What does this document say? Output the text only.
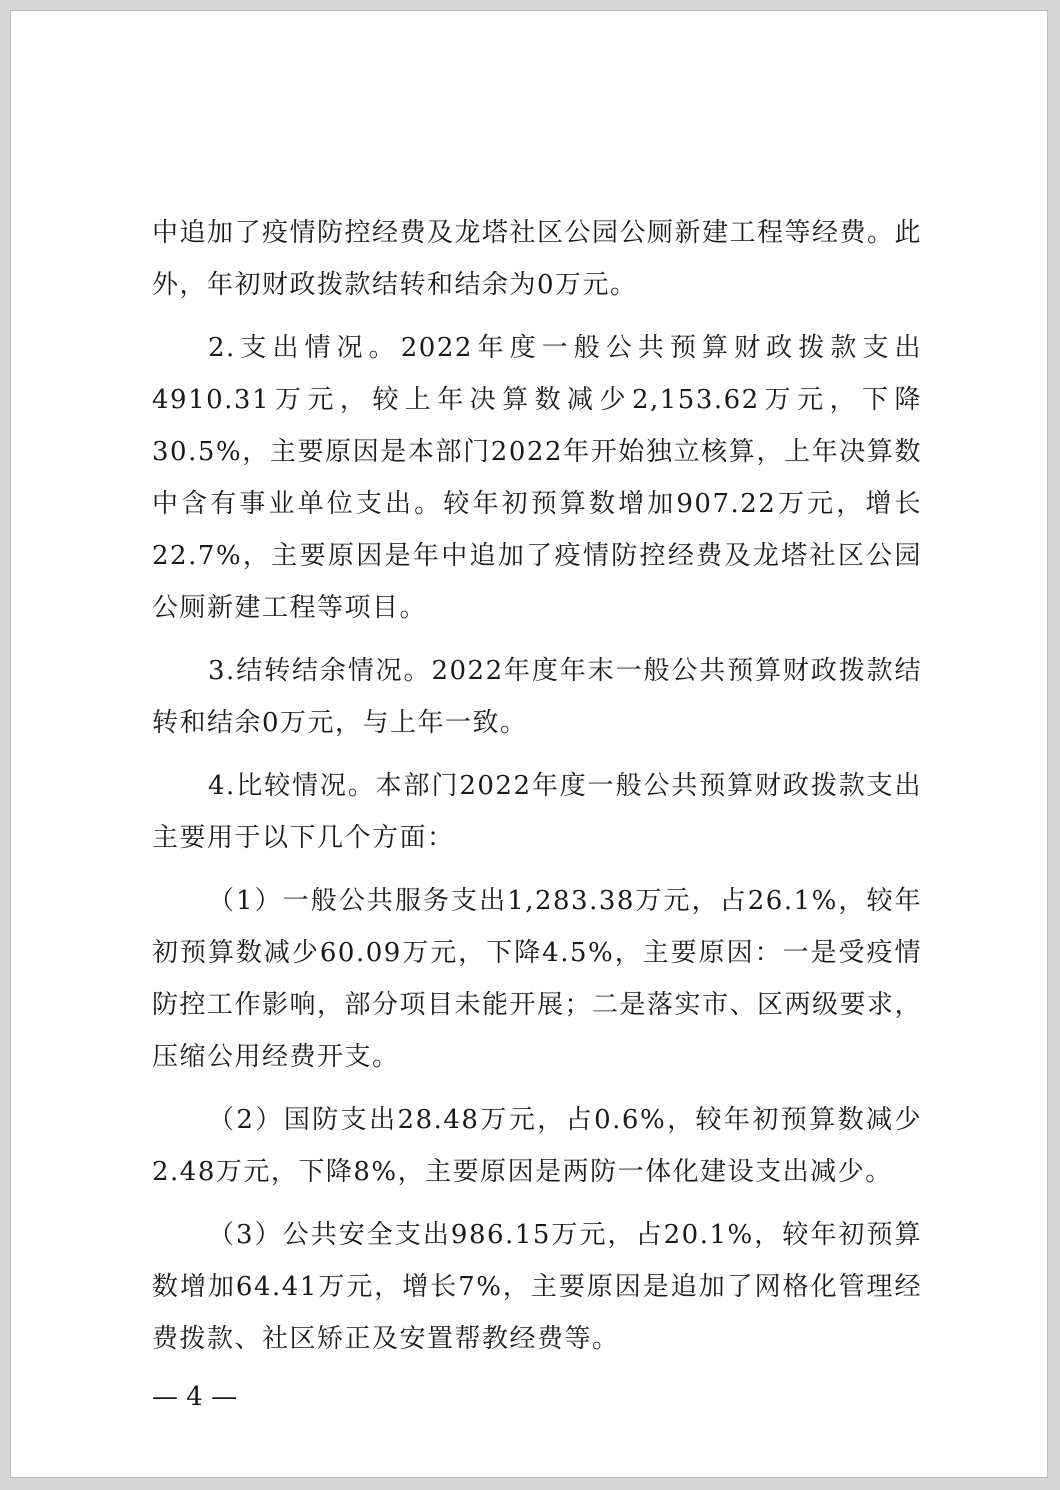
中追加了疫情防控经费及龙塔社区公园公厕新建工程等经费。此外，年初财政拨款结转和结余为0万元。

2.支出情况。2022年度一般公共预算财政拨款支出4910.31万元，较上年决算数减少2,153.62万元，下降30.5%，主要原因是本部门2022年开始独立核算，上年决算数中含有事业单位支出。较年初预算数增加907.22万元，增长22.7%，主要原因是年中追加了疫情防控经费及龙塔社区公园公厕新建工程等项目。

3.结转结余情况。2022年度年末一般公共预算财政拨款结转和结余0万元，与上年一致。

4.比较情况。本部门2022年度一般公共预算财政拨款支出主要用于以下几个方面：

（1）一般公共服务支出1,283.38万元，占26.1%，较年初预算数减少60.09万元，下降4.5%，主要原因：一是受疫情防控工作影响，部分项目未能开展；二是落实市、区两级要求，压缩公用经费开支。

（2）国防支出28.48万元，占0.6%，较年初预算数减少2.48万元，下降8%，主要原因是两防一体化建设支出减少。

（3）公共安全支出986.15万元，占20.1%，较年初预算数增加64.41万元，增长7%，主要原因是追加了网格化管理经费拨款、社区矫正及安置帮教经费等。

— 4 —
